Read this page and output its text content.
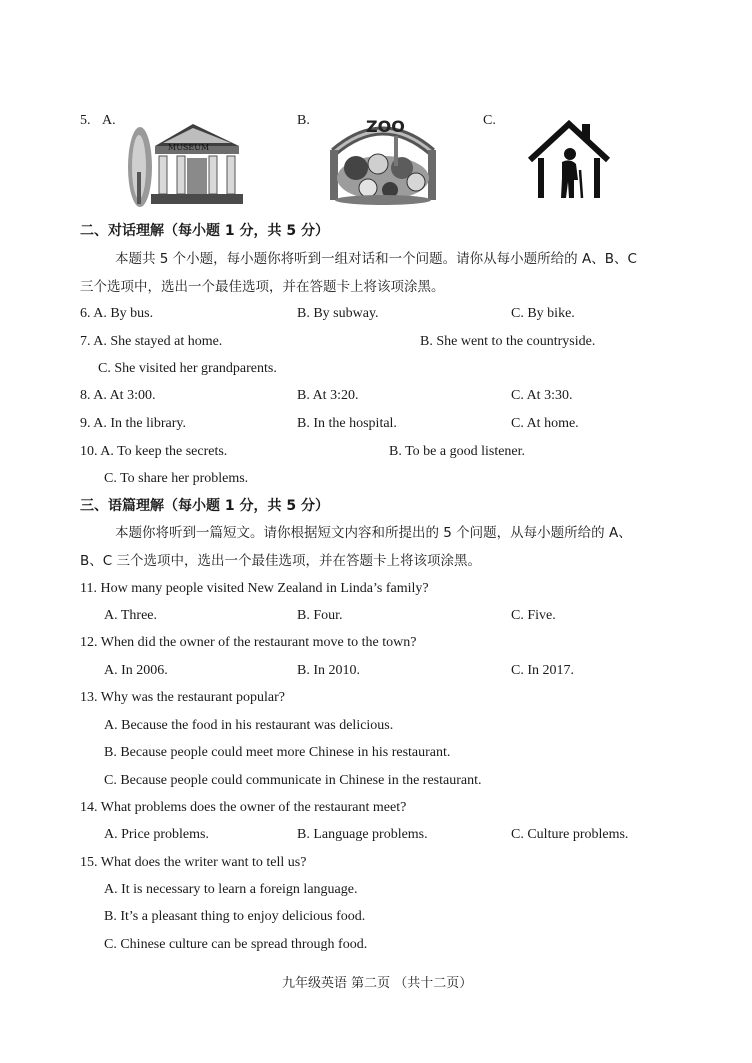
5. A.	B.	C.
MUSEUM
ZOO
二、对话理解（每小题 1 分，共 5 分）
本题共 5 个小题，每小题你将听到一组对话和一个问题。请你从每小题所给的 A、B、C
三个选项中，选出一个最佳选项，并在答题卡上将该项涂黑。
6. A. By bus.	B. By subway.	C. By bike.
7. A. She stayed at home.	B. She went to the countryside.
C. She visited her grandparents.
8. A. At 3:00.	B. At 3:20.	C. At 3:30.
9. A. In the library.	B. In the hospital.	C. At home.
10. A. To keep the secrets.	B. To be a good listener.
C. To share her problems.
三、语篇理解（每小题 1 分，共 5 分）
本题你将听到一篇短文。请你根据短文内容和所提出的 5 个问题，从每小题所给的 A、
B、C 三个选项中，选出一个最佳选项，并在答题卡上将该项涂黑。
11. How many people visited New Zealand in Linda’s family?
A. Three.	B. Four.	C. Five.
12. When did the owner of the restaurant move to the town?
A. In 2006.	B. In 2010.	C. In 2017.
13. Why was the restaurant popular?
A. Because the food in his restaurant was delicious.
B. Because people could meet more Chinese in his restaurant.
C. Because people could communicate in Chinese in the restaurant.
14. What problems does the owner of the restaurant meet?
A. Price problems.	B. Language problems.	C. Culture problems.
15. What does the writer want to tell us?
A. It is necessary to learn a foreign language.
B. It’s a pleasant thing to enjoy delicious food.
C. Chinese culture can be spread through food.
九年级英语 第二页 （共十二页）
